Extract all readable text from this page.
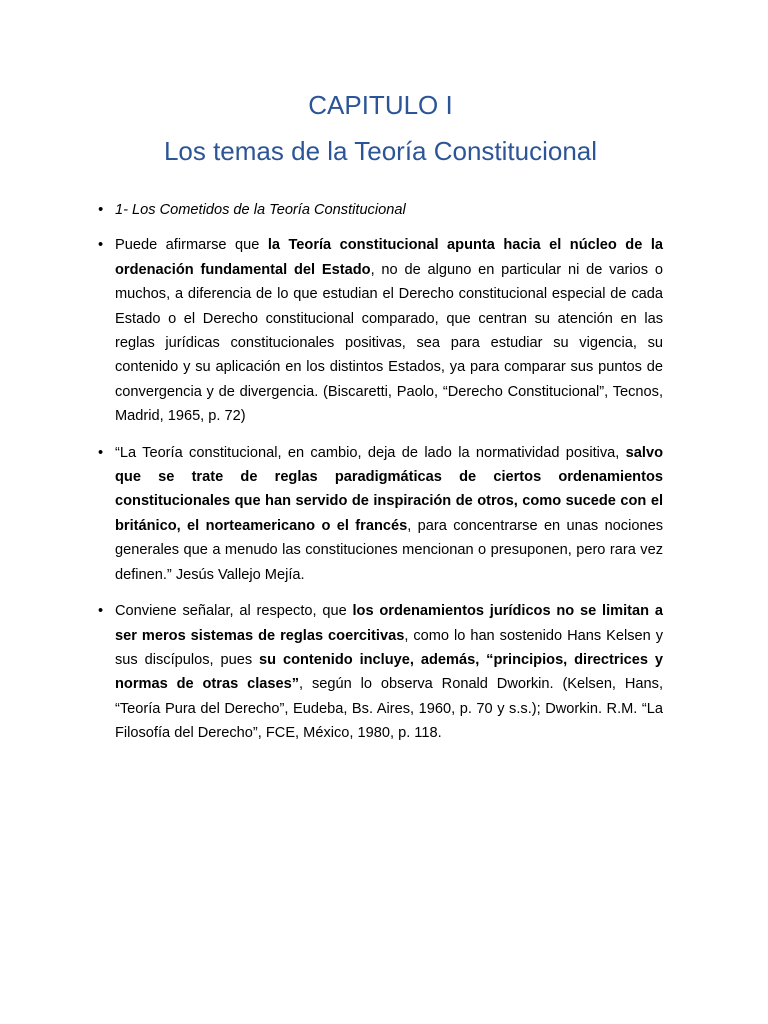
CAPITULO I
Los temas de la Teoría Constitucional
• 1- Los Cometidos de la Teoría Constitucional
• Puede afirmarse que la Teoría constitucional apunta hacia el núcleo de la ordenación fundamental del Estado, no de alguno en particular ni de varios o muchos, a diferencia de lo que estudian el Derecho constitucional especial de cada Estado o el Derecho constitucional comparado, que centran su atención en las reglas jurídicas constitucionales positivas, sea para estudiar su vigencia, su contenido y su aplicación en los distintos Estados, ya para comparar sus puntos de convergencia y de divergencia. (Biscaretti, Paolo, “Derecho Constitucional”, Tecnos, Madrid, 1965, p. 72)
• “La Teoría constitucional, en cambio, deja de lado la normatividad positiva, salvo que se trate de reglas paradigmáticas de ciertos ordenamientos constitucionales que han servido de inspiración de otros, como sucede con el británico, el norteamericano o el francés, para concentrarse en unas nociones generales que a menudo las constituciones mencionan o presuponen, pero rara vez definen.” Jesús Vallejo Mejía.
• Conviene señalar, al respecto, que los ordenamientos jurídicos no se limitan a ser meros sistemas de reglas coercitivas, como lo han sostenido Hans Kelsen y sus discípulos, pues su contenido incluye, además, “principios, directrices y normas de otras clases”, según lo observa Ronald Dworkin. (Kelsen, Hans, “Teoría Pura del Derecho”, Eudeba, Bs. Aires, 1960, p. 70 y s.s.); Dworkin. R.M. “La Filosofía del Derecho”, FCE, México, 1980, p. 118.
